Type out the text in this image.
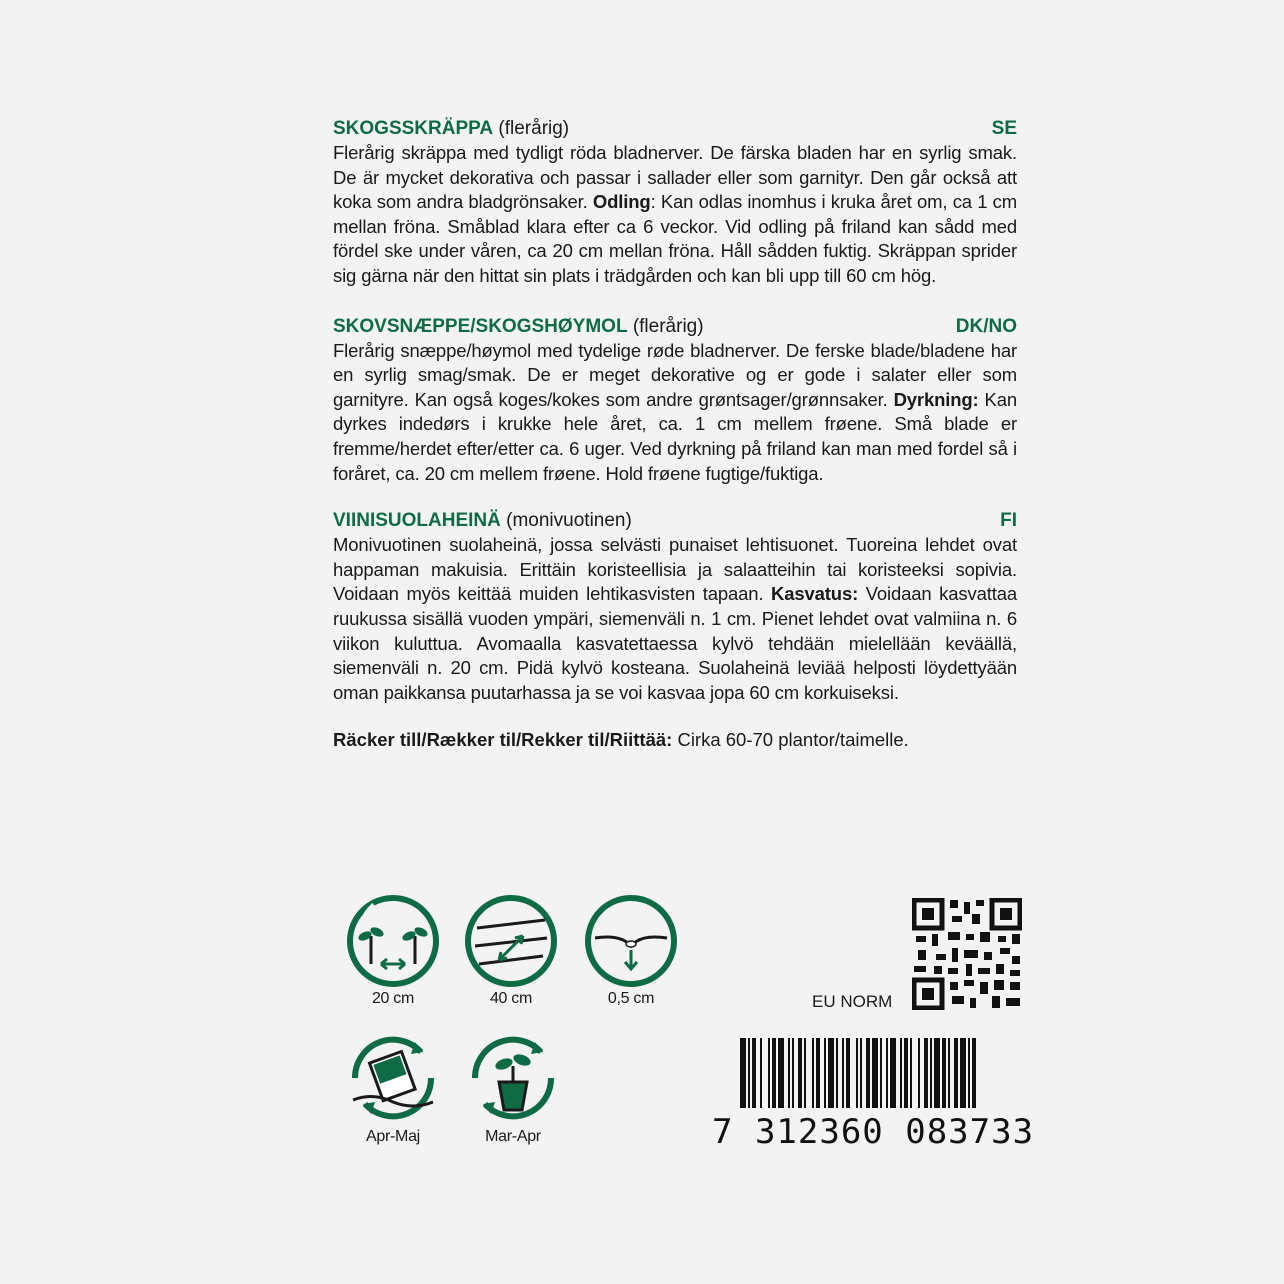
SKOGSSKRÄPPA (flerårig)	SE
Flerårig skräppa med tydligt röda bladnerver. De färska bladen har en syrlig smak. De är mycket dekorativa och passar i sallader eller som garnityr. Den går också att koka som andra bladgrönsaker. Odling: Kan odlas inomhus i kruka året om, ca 1 cm mellan fröna. Småblad klara efter ca 6 veckor. Vid odling på friland kan sådd med fördel ske under våren, ca 20 cm mellan fröna. Håll sådden fuktig. Skräppan sprider sig gärna när den hittat sin plats i trädgården och kan bli upp till 60 cm hög.
SKOVSNÆPPE/SKOGSHØYMOL (flerårig)	DK/NO
Flerårig snæppe/høymol med tydelige røde bladnerver. De ferske blade/bladene har en syrlig smag/smak. De er meget dekorative og er gode i salater eller som garnityre. Kan også koges/kokes som andre grøntsager/grønnsaker. Dyrkning: Kan dyrkes indedørs i krukke hele året, ca. 1 cm mellem frøene. Små blade er fremme/herdet efter/etter ca. 6 uger. Ved dyrkning på friland kan man med fordel så i foråret, ca. 20 cm mellem frøene. Hold frøene fugtige/fuktiga.
VIINISUOLAHEINÄ (monivuotinen)	FI
Monivuotinen suolaheinä, jossa selvästi punaiset lehtisuonet. Tuoreina lehdet ovat happaman makuisia. Erittäin koristeellisia ja salaatteihin tai koristeeksi sopivia. Voidaan myös keittää muiden lehtikasvisten tapaan. Kasvatus: Voidaan kasvattaa ruukussa sisällä vuoden ympäri, siemenväli n. 1 cm. Pienet lehdet ovat valmiina n. 6 viikon kuluttua. Avomaalla kasvatettaessa kylvö tehdään mielellään keväällä, siemenväli n. 20 cm. Pidä kylvö kosteana. Suolaheinä leviää helposti löydettyään oman paikkansa puutarhassa ja se voi kasvaa jopa 60 cm korkuiseksi.
Räcker till/Rækker til/Rekker til/Riittää: Cirka 60-70 plantor/taimelle.
20 cm	40 cm	0,5 cm
Apr-Maj	Mar-Apr
EU NORM
7 312360 083733
